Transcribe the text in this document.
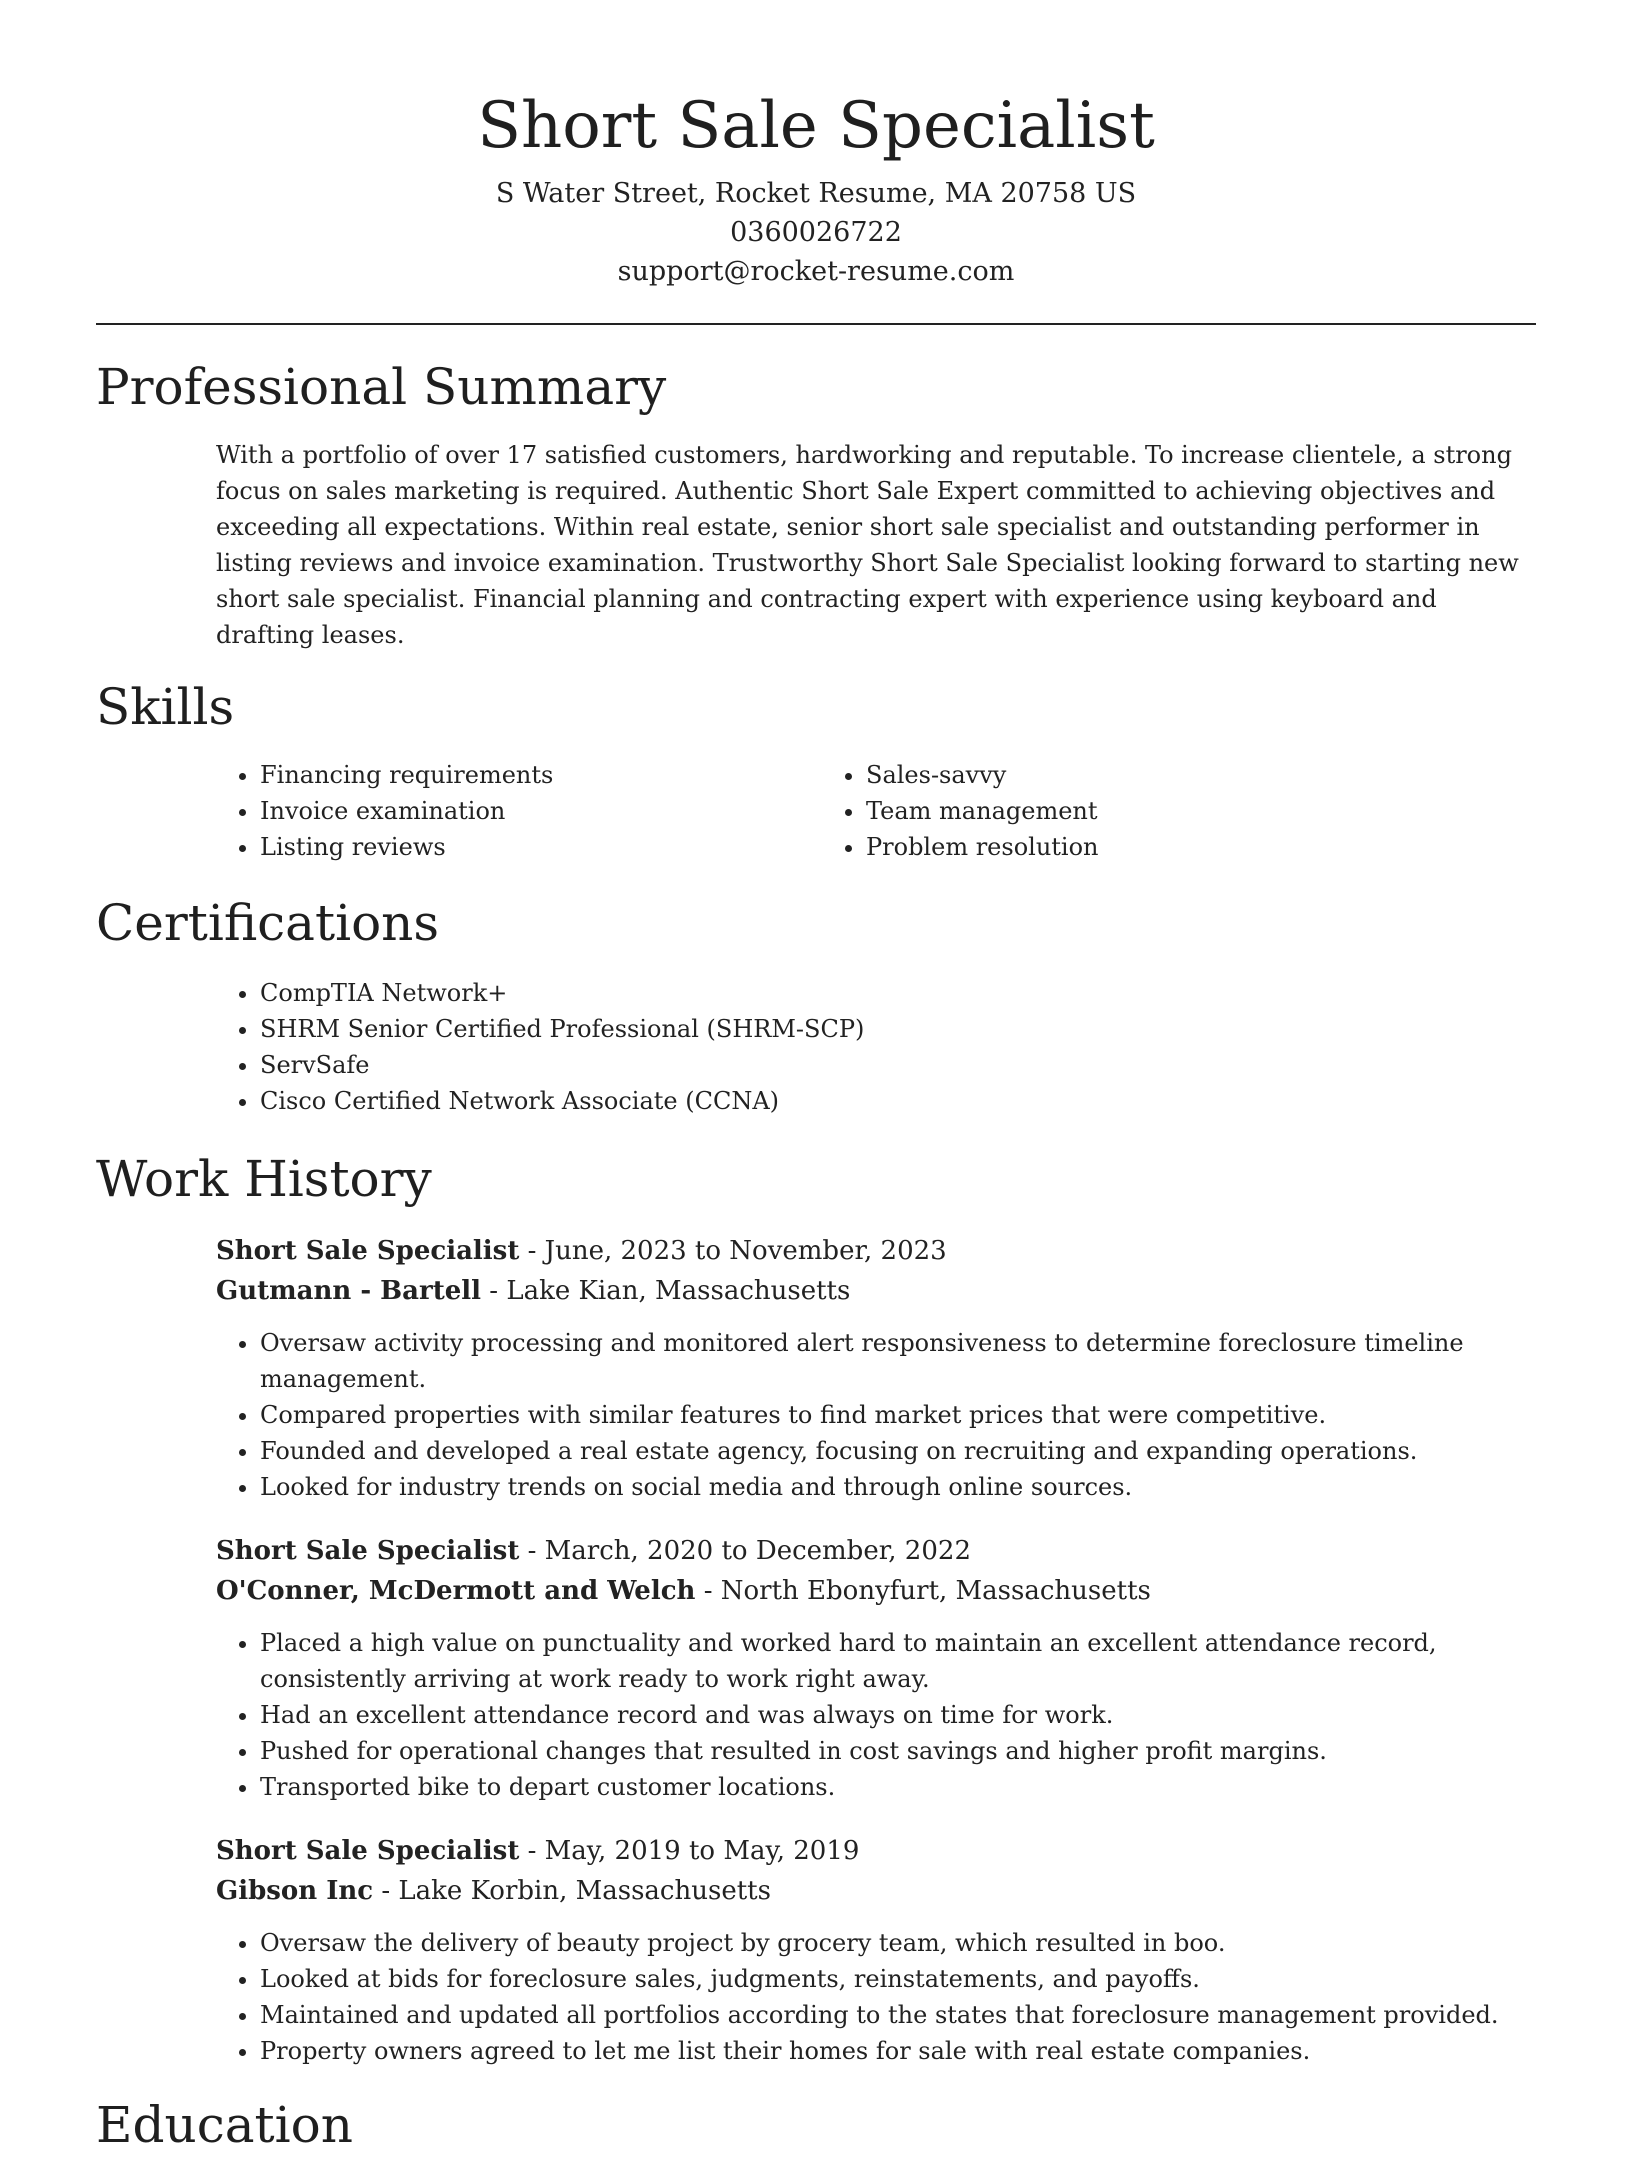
Short Sale Specialist
S Water Street, Rocket Resume, MA 20758 US
0360026722
support@rocket-resume.com
Professional Summary

With a portfolio of over 17 satisfied customers, hardworking and reputable. To increase clientele, a strong focus on sales marketing is required. Authentic Short Sale Expert committed to achieving objectives and exceeding all expectations. Within real estate, senior short sale specialist and outstanding performer in listing reviews and invoice examination. Trustworthy Short Sale Specialist looking forward to starting new short sale specialist. Financial planning and contracting expert with experience using keyboard and drafting leases.

Skills
• Financing requirements
• Invoice examination
• Listing reviews
• Sales-savvy
• Team management
• Problem resolution
Certifications
• CompTIA Network+
• SHRM Senior Certified Professional (SHRM-SCP)
• ServSafe
• Cisco Certified Network Associate (CCNA)
Work History
Short Sale Specialist - June, 2023 to November, 2023
Gutmann - Bartell - Lake Kian, Massachusetts
• Oversaw activity processing and monitored alert responsiveness to determine foreclosure timeline management.
• Compared properties with similar features to find market prices that were competitive.
• Founded and developed a real estate agency, focusing on recruiting and expanding operations.
• Looked for industry trends on social media and through online sources.
Short Sale Specialist - March, 2020 to December, 2022
O'Conner, McDermott and Welch - North Ebonyfurt, Massachusetts
• Placed a high value on punctuality and worked hard to maintain an excellent attendance record, consistently arriving at work ready to work right away.
• Had an excellent attendance record and was always on time for work.
• Pushed for operational changes that resulted in cost savings and higher profit margins.
• Transported bike to depart customer locations.
Short Sale Specialist - May, 2019 to May, 2019
Gibson Inc - Lake Korbin, Massachusetts
• Oversaw the delivery of beauty project by grocery team, which resulted in boo.
• Looked at bids for foreclosure sales, judgments, reinstatements, and payoffs.
• Maintained and updated all portfolios according to the states that foreclosure management provided.
• Property owners agreed to let me list their homes for sale with real estate companies.
Education
